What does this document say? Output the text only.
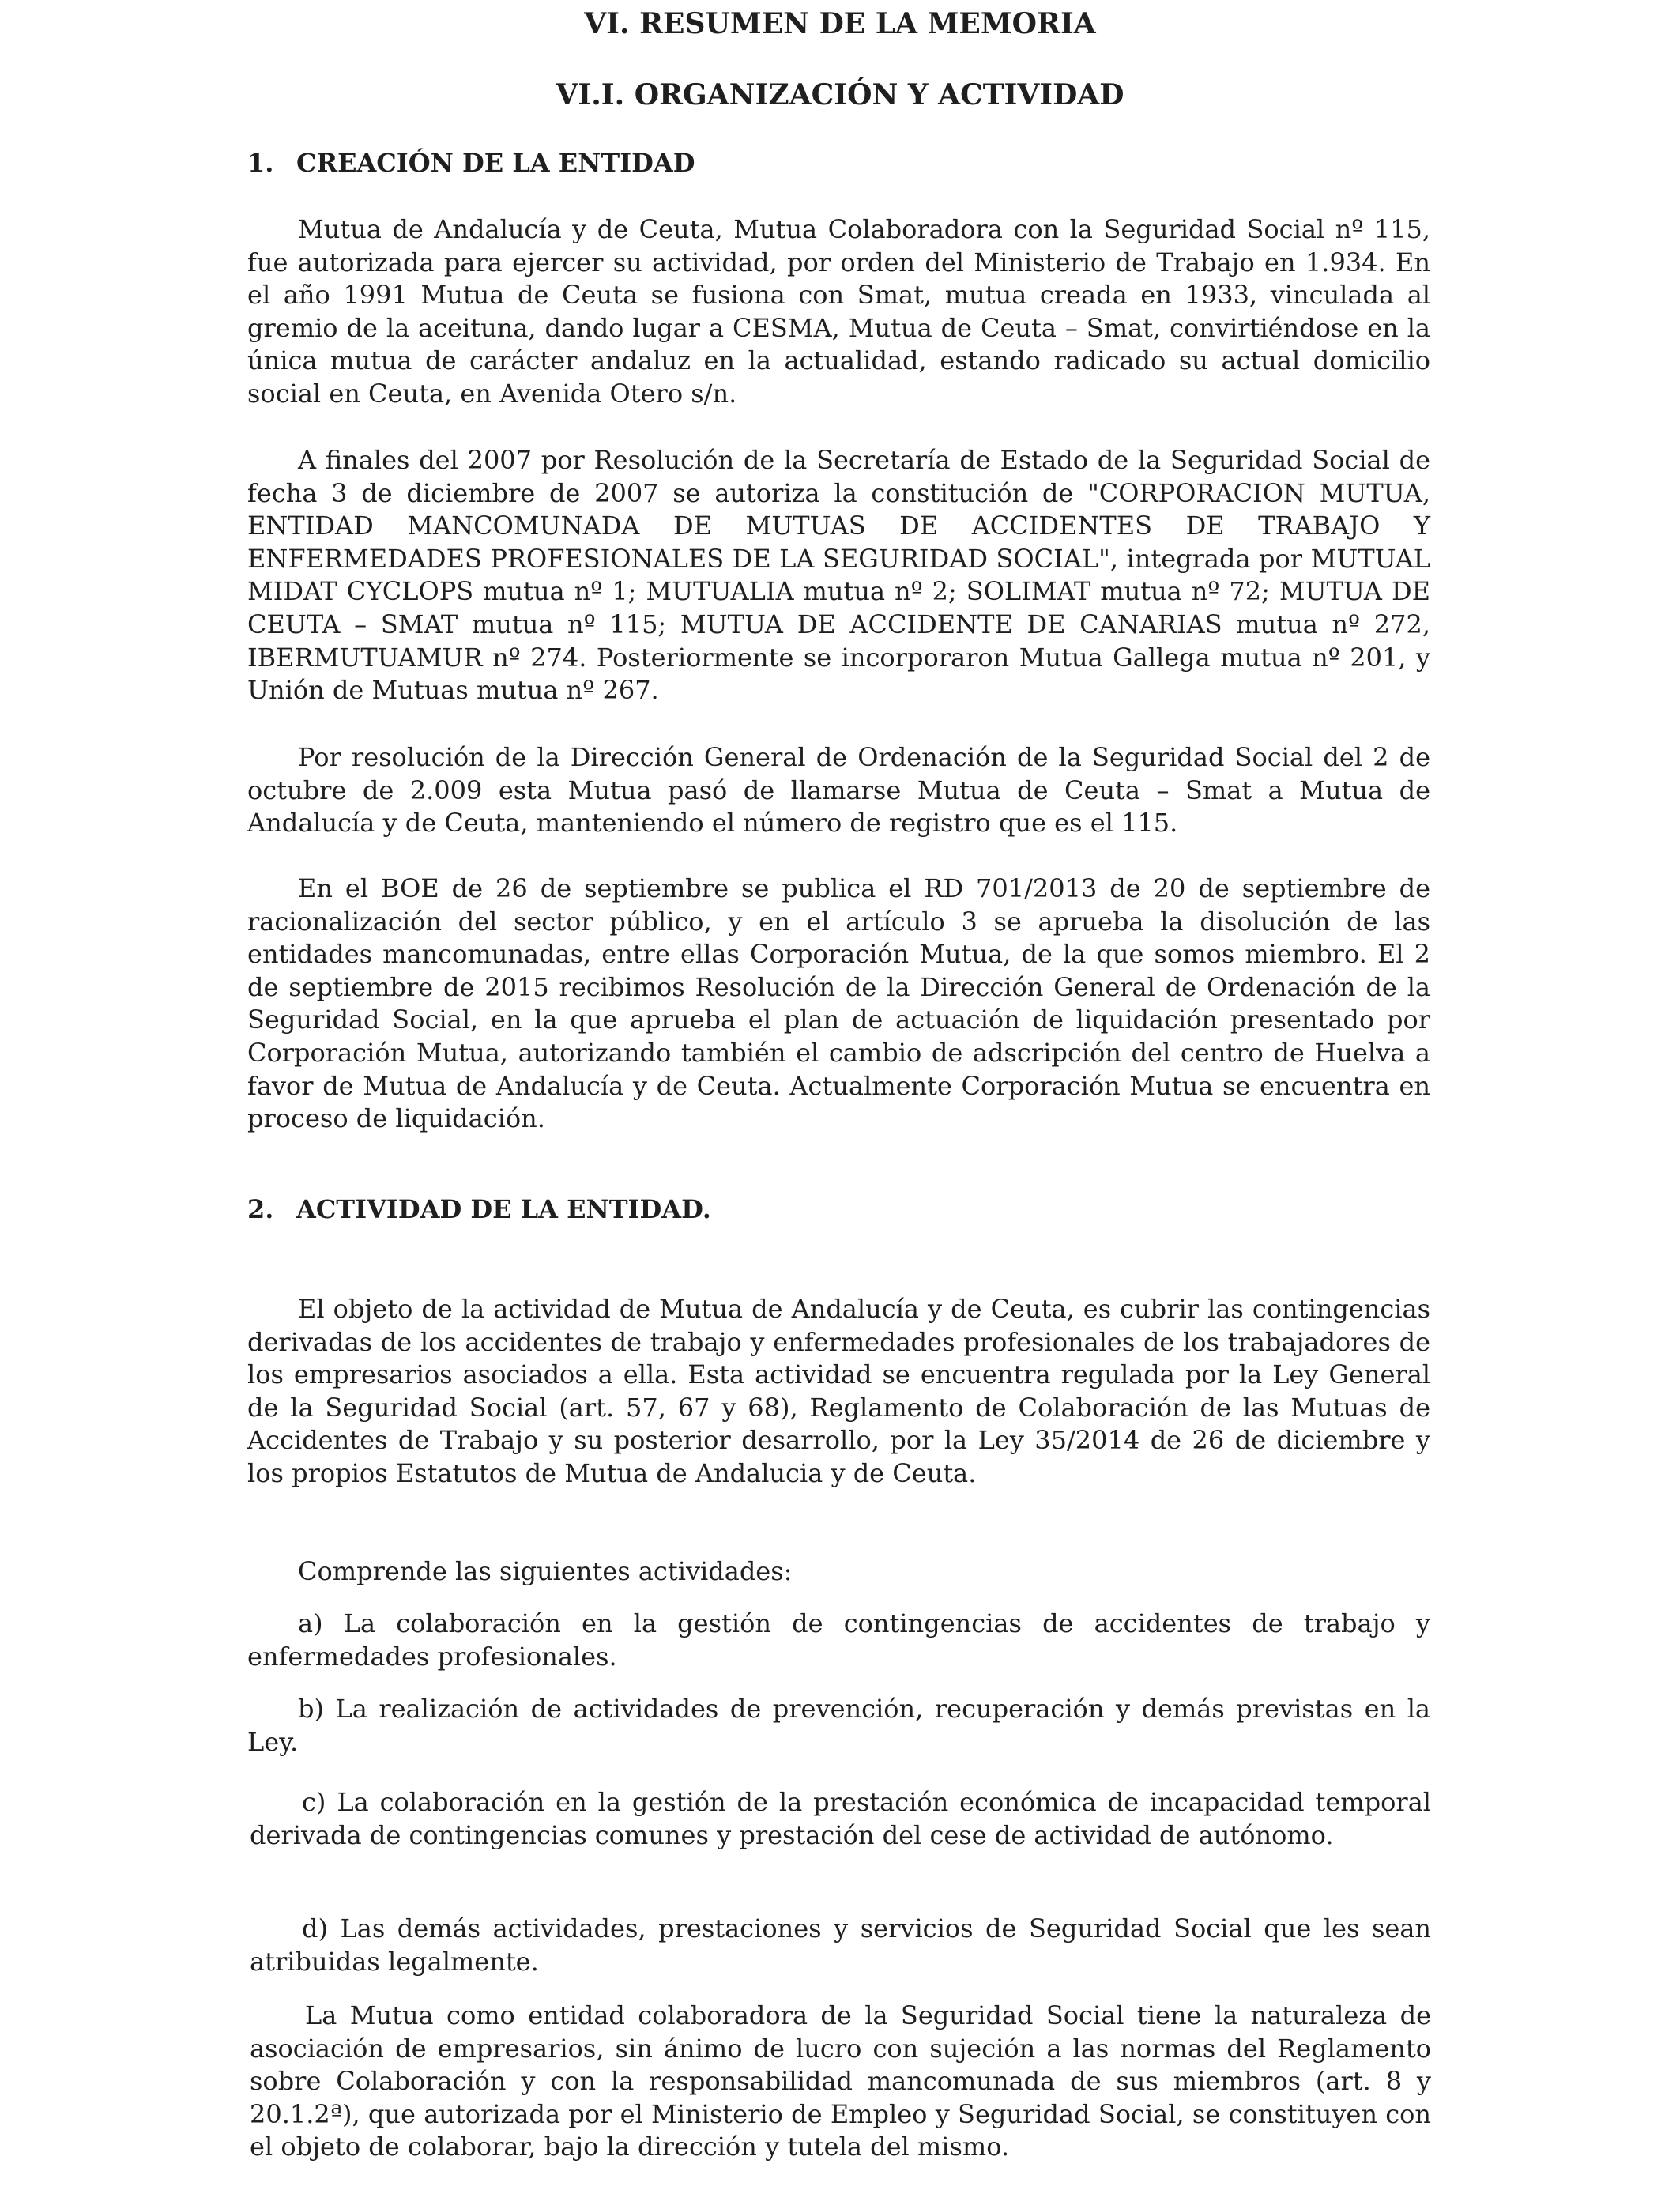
VI. RESUMEN DE LA MEMORIA
VI.I. ORGANIZACIÓN Y ACTIVIDAD
1. CREACIÓN DE LA ENTIDAD

Mutua de Andalucía y de Ceuta, Mutua Colaboradora con la Seguridad Social nº 115, fue autorizada para ejercer su actividad, por orden del Ministerio de Trabajo en 1.934. En el año 1991 Mutua de Ceuta se fusiona con Smat, mutua creada en 1933, vinculada al gremio de la aceituna, dando lugar a CESMA, Mutua de Ceuta – Smat, convirtiéndose en la única mutua de carácter andaluz en la actualidad, estando radicado su actual domicilio social en Ceuta, en Avenida Otero s/n.

A finales del 2007 por Resolución de la Secretaría de Estado de la Seguridad Social de fecha 3 de diciembre de 2007 se autoriza la constitución de "CORPORACION MUTUA, ENTIDAD MANCOMUNADA DE MUTUAS DE ACCIDENTES DE TRABAJO Y ENFERMEDADES PROFESIONALES DE LA SEGURIDAD SOCIAL", integrada por MUTUAL MIDAT CYCLOPS mutua nº 1; MUTUALIA mutua nº 2; SOLIMAT mutua nº 72; MUTUA DE CEUTA – SMAT mutua nº 115; MUTUA DE ACCIDENTE DE CANARIAS mutua nº 272, IBERMUTUAMUR nº 274. Posteriormente se incorporaron Mutua Gallega mutua nº 201, y Unión de Mutuas mutua nº 267.

Por resolución de la Dirección General de Ordenación de la Seguridad Social del 2 de octubre de 2.009 esta Mutua pasó de llamarse Mutua de Ceuta – Smat a Mutua de Andalucía y de Ceuta, manteniendo el número de registro que es el 115.

En el BOE de 26 de septiembre se publica el RD 701/2013 de 20 de septiembre de racionalización del sector público, y en el artículo 3 se aprueba la disolución de las entidades mancomunadas, entre ellas Corporación Mutua, de la que somos miembro. El 2 de septiembre de 2015 recibimos Resolución de la Dirección General de Ordenación de la Seguridad Social, en la que aprueba el plan de actuación de liquidación presentado por Corporación Mutua, autorizando también el cambio de adscripción del centro de Huelva a favor de Mutua de Andalucía y de Ceuta. Actualmente Corporación Mutua se encuentra en proceso de liquidación.

2. ACTIVIDAD DE LA ENTIDAD.

El objeto de la actividad de Mutua de Andalucía y de Ceuta, es cubrir las contingencias derivadas de los accidentes de trabajo y enfermedades profesionales de los trabajadores de los empresarios asociados a ella. Esta actividad se encuentra regulada por la Ley General de la Seguridad Social (art. 57, 67 y 68), Reglamento de Colaboración de las Mutuas de Accidentes de Trabajo y su posterior desarrollo, por la Ley 35/2014 de 26 de diciembre y los propios Estatutos de Mutua de Andalucia y de Ceuta.

Comprende las siguientes actividades:

a) La colaboración en la gestión de contingencias de accidentes de trabajo y enfermedades profesionales.

b) La realización de actividades de prevención, recuperación y demás previstas en la Ley.

c) La colaboración en la gestión de la prestación económica de incapacidad temporal derivada de contingencias comunes y prestación del cese de actividad de autónomo.

d) Las demás actividades, prestaciones y servicios de Seguridad Social que les sean atribuidas legalmente.

La Mutua como entidad colaboradora de la Seguridad Social tiene la naturaleza de asociación de empresarios, sin ánimo de lucro con sujeción a las normas del Reglamento sobre Colaboración y con la responsabilidad mancomunada de sus miembros (art. 8 y 20.1.2ª), que autorizada por el Ministerio de Empleo y Seguridad Social, se constituyen con el objeto de colaborar, bajo la dirección y tutela del mismo.
